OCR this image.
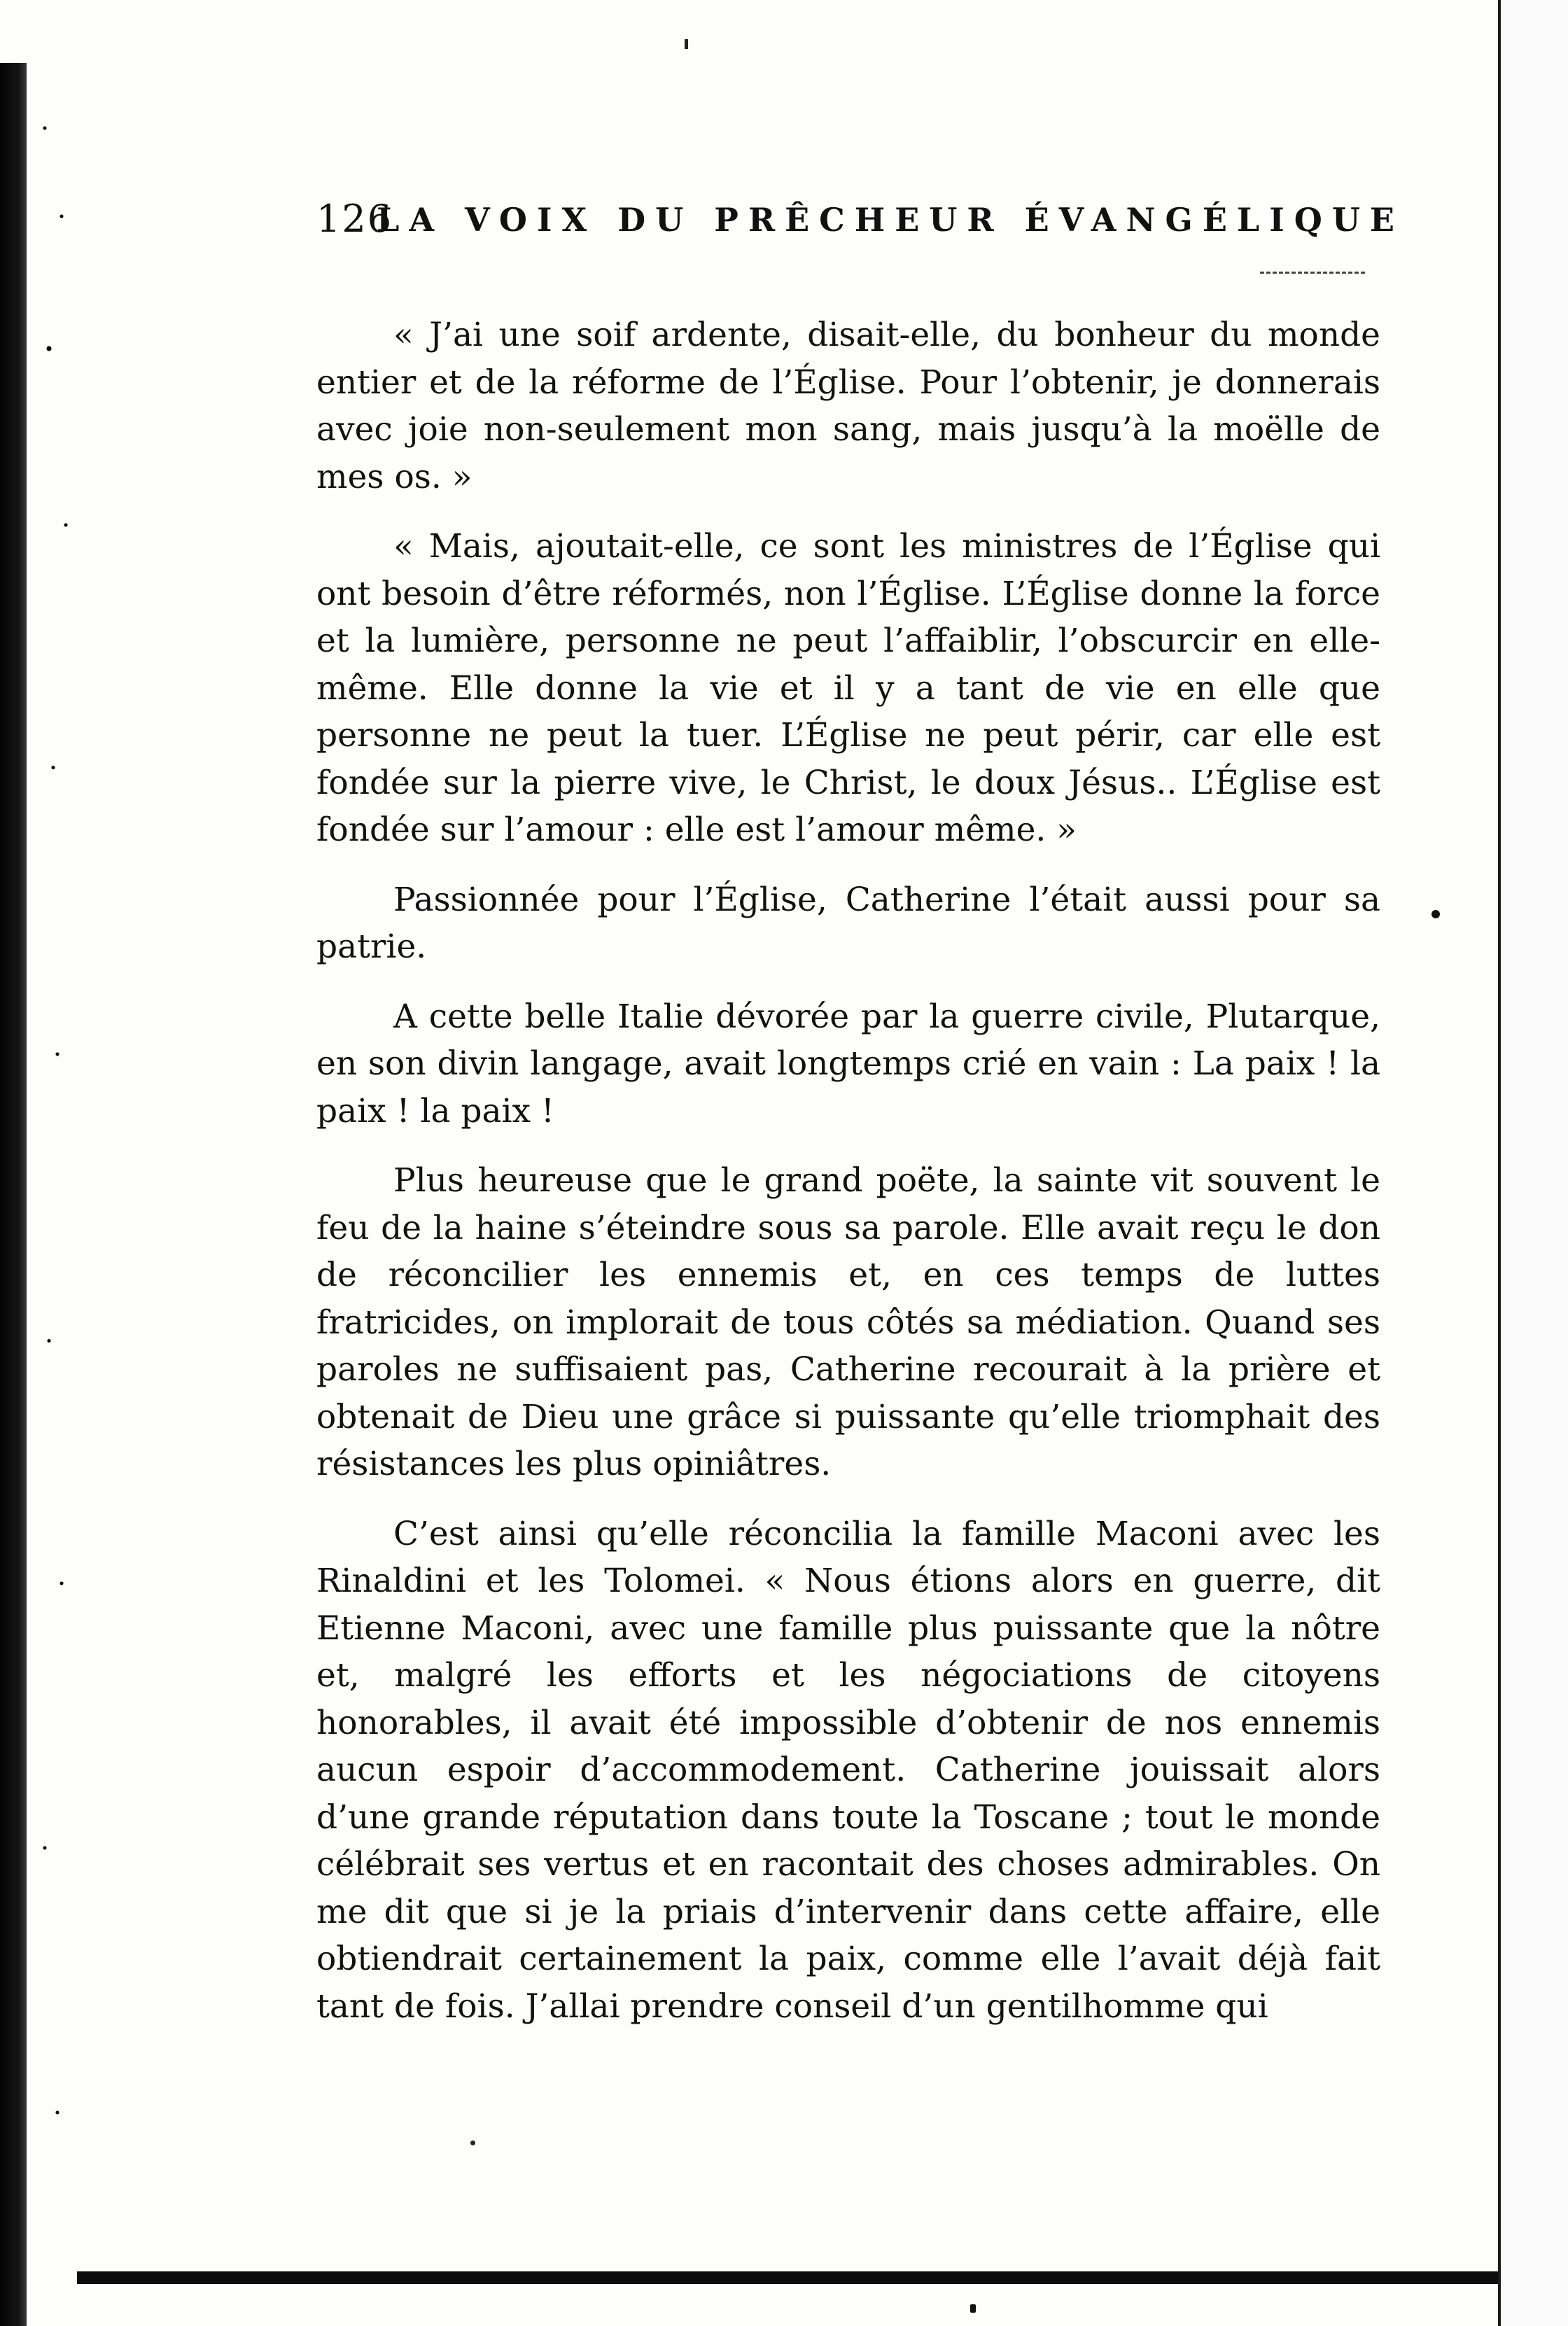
126
LA VOIX DU PRÊCHEUR ÉVANGÉLIQUE

« J’ai une soif ardente, disait-elle, du bonheur du monde entier et de la réforme de l’Église. Pour l’obtenir, je donnerais avec joie non-seulement mon sang, mais jusqu’à la moëlle de mes os. »

« Mais, ajoutait-elle, ce sont les ministres de l’Église qui ont besoin d’être réformés, non l’Église. L’Église donne la force et la lumière, personne ne peut l’affaiblir, l’obscurcir en elle-même. Elle donne la vie et il y a tant de vie en elle que personne ne peut la tuer. L’Église ne peut périr, car elle est fondée sur la pierre vive, le Christ, le doux Jésus.. L’Église est fondée sur l’amour : elle est l’amour même. »

Passionnée pour l’Église, Catherine l’était aussi pour sa patrie.

A cette belle Italie dévorée par la guerre civile, Plutarque, en son divin langage, avait longtemps crié en vain : La paix ! la paix ! la paix !

Plus heureuse que le grand poëte, la sainte vit souvent le feu de la haine s’éteindre sous sa parole. Elle avait reçu le don de réconcilier les ennemis et, en ces temps de luttes fratricides, on implorait de tous côtés sa médiation. Quand ses paroles ne suffisaient pas, Catherine recourait à la prière et obtenait de Dieu une grâce si puissante qu’elle triomphait des résistances les plus opiniâtres.

C’est ainsi qu’elle réconcilia la famille Maconi avec les Rinaldini et les Tolomei. « Nous étions alors en guerre, dit Etienne Maconi, avec une famille plus puissante que la nôtre et, malgré les efforts et les négociations de citoyens honorables, il avait été impossible d’obtenir de nos ennemis aucun espoir d’accommodement. Catherine jouissait alors d’une grande réputation dans toute la Toscane ; tout le monde célébrait ses vertus et en racontait des choses admirables. On me dit que si je la priais d’intervenir dans cette affaire, elle obtiendrait certainement la paix, comme elle l’avait déjà fait tant de fois. J’allai prendre conseil d’un gentilhomme qui
